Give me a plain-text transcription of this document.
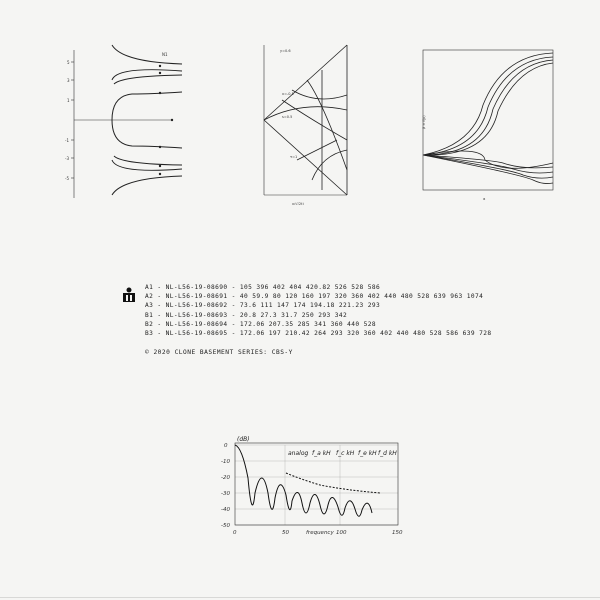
5
3
1
-1
-3
-5
N1
y=0.6
x=-0.5
s=0.5
τ=1
x/√(2t)
β = f(p)
α
A1 - NL-L56-19-08690 - 105 396 402 404 420.82 526 528 586
A2 - NL-L56-19-08691 - 40 59.9 80 120 160 197 320 360 402 440 480 528 639 963 1074
A3 - NL-L56-19-08692 - 73.6 111 147 174 194.18 221.23 293
B1 - NL-L56-19-08693 - 20.8 27.3 31.7 250 293 342
B2 - NL-L56-19-08694 - 172.06 207.35 285 341 360 440 528
B3 - NL-L56-19-08695 - 172.06 197 210.42 264 293 320 360 402 440 480 528 586 639 728
© 2020 CLONE BASEMENT SERIES: CBS-Y
(dB)
analog f_a kH f_c kH f_e kH f_d kH
0
-10
-20
-30
-40
-50
0	50	100	150
frequency
